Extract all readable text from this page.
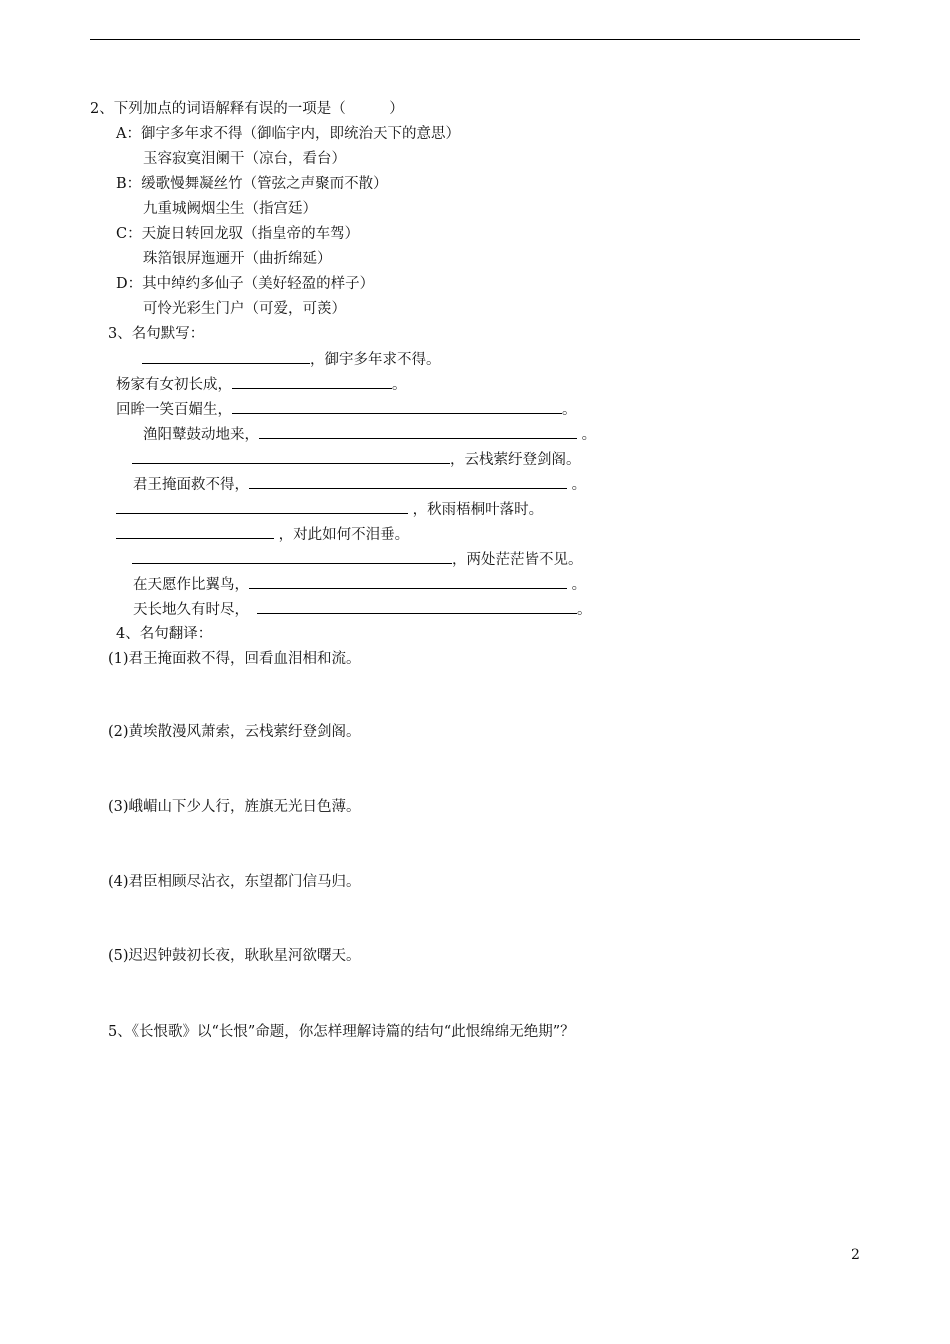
2、下列加点的词语解释有误的一项是（　　　）
A：御宇多年求不得（御临宇内，即统治天下的意思）
玉容寂寞泪阑干（凉台，看台）
B：缓歌慢舞凝丝竹（管弦之声聚而不散）
九重城阙烟尘生（指宫廷）
C：天旋日转回龙驭（指皇帝的车驾）
珠箔银屏迤逦开（曲折绵延）
D：其中绰约多仙子（美好轻盈的样子）
可怜光彩生门户（可爱，可羡）
3、名句默写：
，御宇多年求不得。
杨家有女初长成，	。
回眸一笑百媚生，	。
渔阳鼙鼓动地来，	。
，云栈萦纡登剑阁。
君王掩面救不得，	。
，秋雨梧桐叶落时。
，对此如何不泪垂。
，两处茫茫皆不见。
在天愿作比翼鸟，	。
天长地久有时尽，	。
4、名句翻译：
(1)君王掩面救不得，回看血泪相和流。
(2)黄埃散漫风萧索，云栈萦纡登剑阁。
(3)峨嵋山下少人行，旌旗无光日色薄。
(4)君臣相顾尽沾衣，东望都门信马归。
(5)迟迟钟鼓初长夜，耿耿星河欲曙天。
5、《长恨歌》以“长恨”命题，你怎样理解诗篇的结句“此恨绵绵无绝期”？
2
